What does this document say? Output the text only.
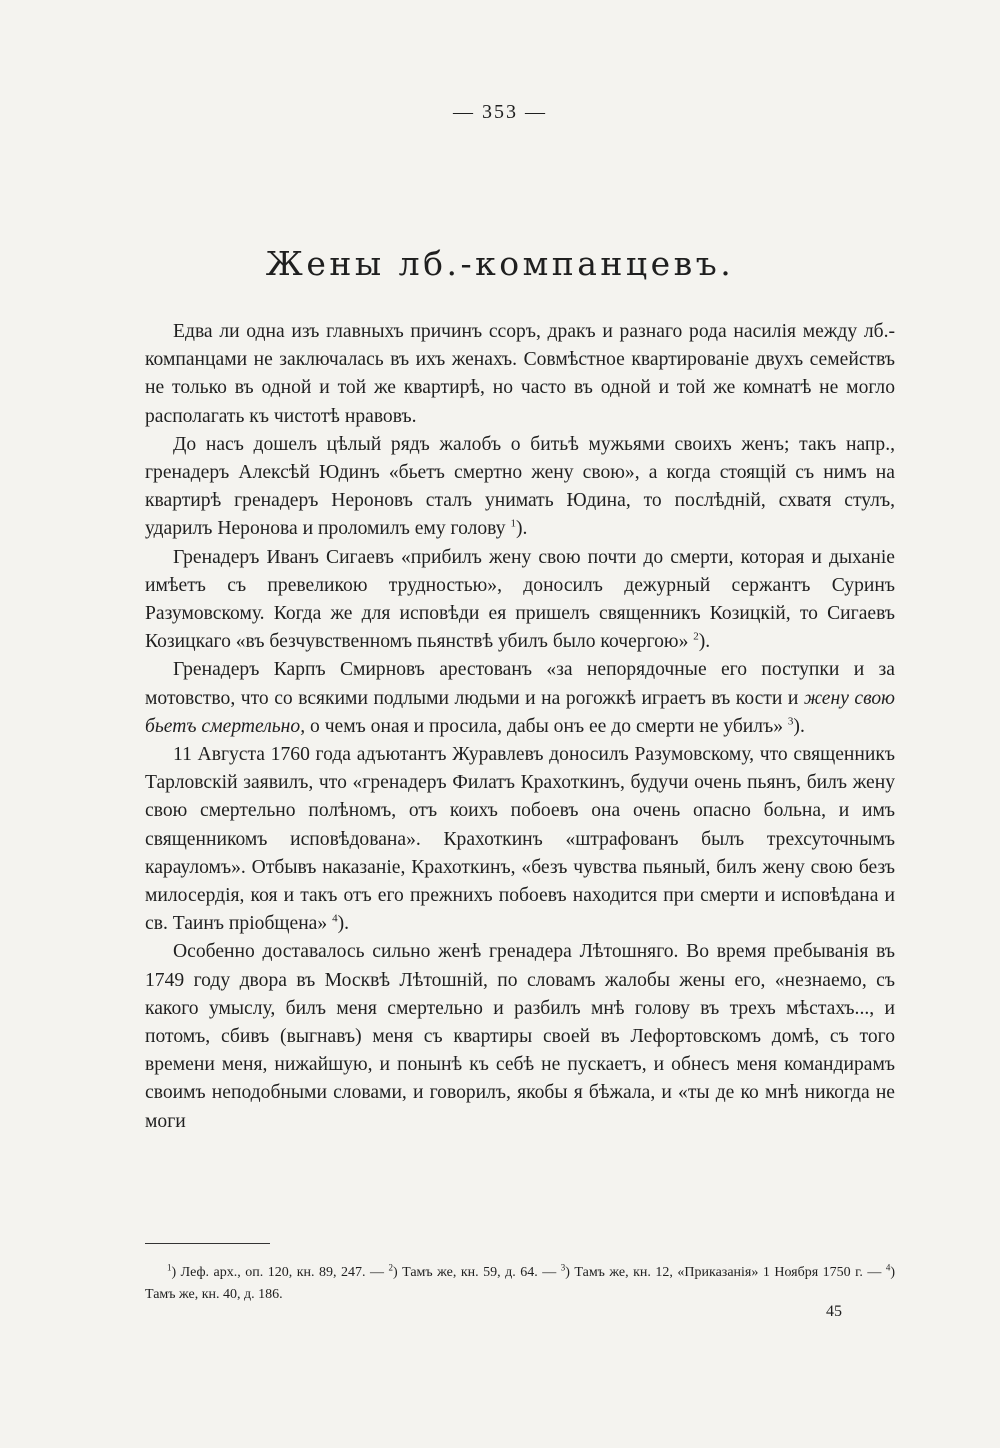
— 353 —
Жены лб.-компанцевъ.

Едва ли одна изъ главныхъ причинъ ссоръ, дракъ и разнаго рода насилія между лб.-компанцами не заключалась въ ихъ женахъ. Совмѣстное квартированіе двухъ семействъ не только въ одной и той же квартирѣ, но часто въ одной и той же комнатѣ не могло располагать къ чистотѣ нравовъ.

До насъ дошелъ цѣлый рядъ жалобъ о битьѣ мужьями своихъ женъ; такъ напр., гренадеръ Алексѣй Юдинъ «бьетъ смертно жену свою», а когда стоящій съ нимъ на квартирѣ гренадеръ Нероновъ сталъ унимать Юдина, то послѣдній, схватя стулъ, ударилъ Неронова и проломилъ ему голову $^1$).

Гренадеръ Иванъ Сигаевъ «прибилъ жену свою почти до смерти, которая и дыханіе имѣетъ съ превеликою трудностью», доносилъ дежурный сержантъ Суринъ Разумовскому. Когда же для исповѣди ея пришелъ священникъ Козицкій, то Сигаевъ Козицкаго «въ безчувственномъ пьянствѣ убилъ было кочергою» $^2$).

Гренадеръ Карпъ Смирновъ арестованъ «за непорядочные его поступки и за мотовство, что со всякими подлыми людьми и на рогожкѣ играетъ въ кости и жену свою бьетъ смертельно, о чемъ оная и просила, дабы онъ ее до смерти не убилъ» $^3$).

11 Августа 1760 года адъютантъ Журавлевъ доносилъ Разумовскому, что священникъ Тарловскій заявилъ, что «гренадеръ Филатъ Крахоткинъ, будучи очень пьянъ, билъ жену свою смертельно полѣномъ, отъ коихъ побоевъ она очень опасно больна, и имъ священникомъ исповѣдована». Крахоткинъ «штрафованъ былъ трехсуточнымъ карауломъ». Отбывъ наказаніе, Крахоткинъ, «безъ чувства пьяный, билъ жену свою безъ милосердія, коя и такъ отъ его прежнихъ побоевъ находится при смерти и исповѣдана и св. Таинъ пріобщена» $^4$).

Особенно доставалось сильно женѣ гренадера Лѣтошняго. Во время пребыванія въ 1749 году двора въ Москвѣ Лѣтошній, по словамъ жалобы жены его, «незнаемо, съ какого умыслу, билъ меня смертельно и разбилъ мнѣ голову въ трехъ мѣстахъ..., и потомъ, сбивъ (выгнавъ) меня съ квартиры своей въ Лефортовскомъ домѣ, съ того времени меня, нижайшую, и понынѣ къ себѣ не пускаетъ, и обнесъ меня командирамъ своимъ неподобными словами, и говорилъ, якобы я бѣжала, и «ты де ко мнѣ никогда не моги

$^1$) Леф. арх., оп. 120, кн. 89, 247. — $^2$) Тамъ же, кн. 59, д. 64. — $^3$) Тамъ же, кн. 12, «Приказанія» 1 Ноября 1750 г. — $^4$) Тамъ же, кн. 40, д. 186.

45
